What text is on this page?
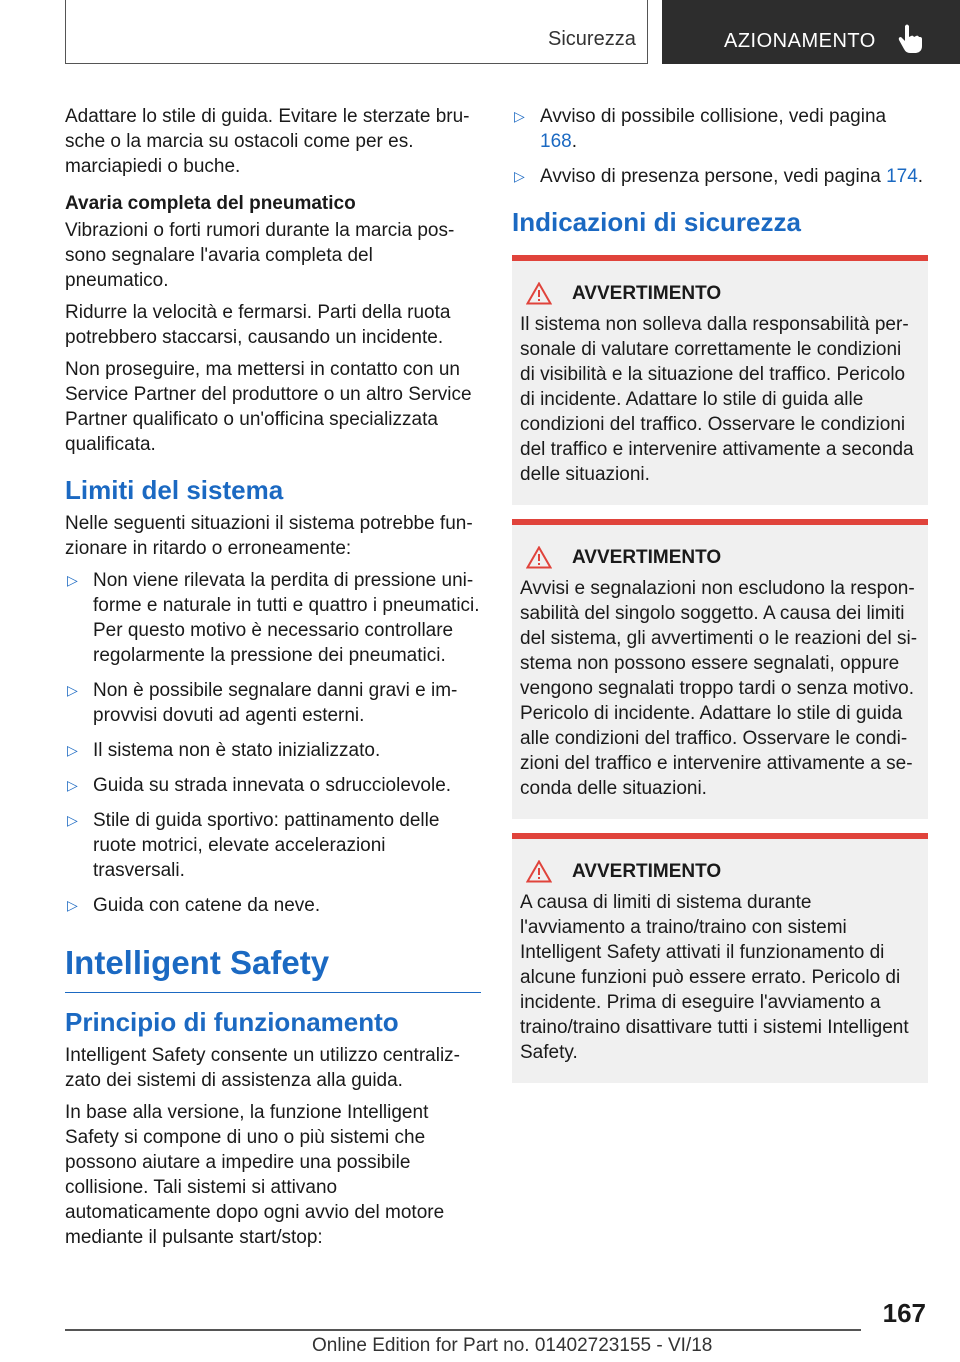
Sicurezza	AZIONAMENTO

Adattare lo stile di guida. Evitare le sterzate brusche o la marcia su ostacoli come per es. marciapiedi o buche.

Avaria completa del pneumatico

Vibrazioni o forti rumori durante la marcia possono segnalare l'avaria completa del pneumatico.

Ridurre la velocità e fermarsi. Parti della ruota potrebbero staccarsi, causando un incidente.

Non proseguire, ma mettersi in contatto con un Service Partner del produttore o un altro Service Partner qualificato o un'officina specializzata qualificata.

Limiti del sistema

Nelle seguenti situazioni il sistema potrebbe funzionare in ritardo o erroneamente:

▷ Non viene rilevata la perdita di pressione uniforme e naturale in tutti e quattro i pneumatici. Per questo motivo è necessario controllare regolarmente la pressione dei pneumatici.
▷ Non è possibile segnalare danni gravi e improvvisi dovuti ad agenti esterni.
▷ Il sistema non è stato inizializzato.
▷ Guida su strada innevata o sdrucciolevole.
▷ Stile di guida sportivo: pattinamento delle ruote motrici, elevate accelerazioni trasversali.
▷ Guida con catene da neve.
Intelligent Safety
Principio di funzionamento

Intelligent Safety consente un utilizzo centralizzato dei sistemi di assistenza alla guida.

In base alla versione, la funzione Intelligent Safety si compone di uno o più sistemi che possono aiutare a impedire una possibile collisione. Tali sistemi si attivano automaticamente dopo ogni avvio del motore mediante il pulsante start/stop:

▷ Avviso di possibile collisione, vedi pagina 168.
▷ Avviso di presenza persone, vedi pagina 174.
Indicazioni di sicurezza
AVVERTIMENTO
Il sistema non solleva dalla responsabilità personale di valutare correttamente le condizioni di visibilità e la situazione del traffico. Pericolo di incidente. Adattare lo stile di guida alle condizioni del traffico. Osservare le condizioni del traffico e intervenire attivamente a seconda delle situazioni.
AVVERTIMENTO
Avvisi e segnalazioni non escludono la responsabilità del singolo soggetto. A causa dei limiti del sistema, gli avvertimenti o le reazioni del sistema non possono essere segnalati, oppure vengono segnalati troppo tardi o senza motivo. Pericolo di incidente. Adattare lo stile di guida alle condizioni del traffico. Osservare le condizioni del traffico e intervenire attivamente a seconda delle situazioni.
AVVERTIMENTO
A causa di limiti di sistema durante l'avviamento a traino/traino con sistemi Intelligent Safety attivati il funzionamento di alcune funzioni può essere errato. Pericolo di incidente. Prima di eseguire l'avviamento a traino/traino disattivare tutti i sistemi Intelligent Safety.
167
Online Edition for Part no. 01402723155 - VI/18
